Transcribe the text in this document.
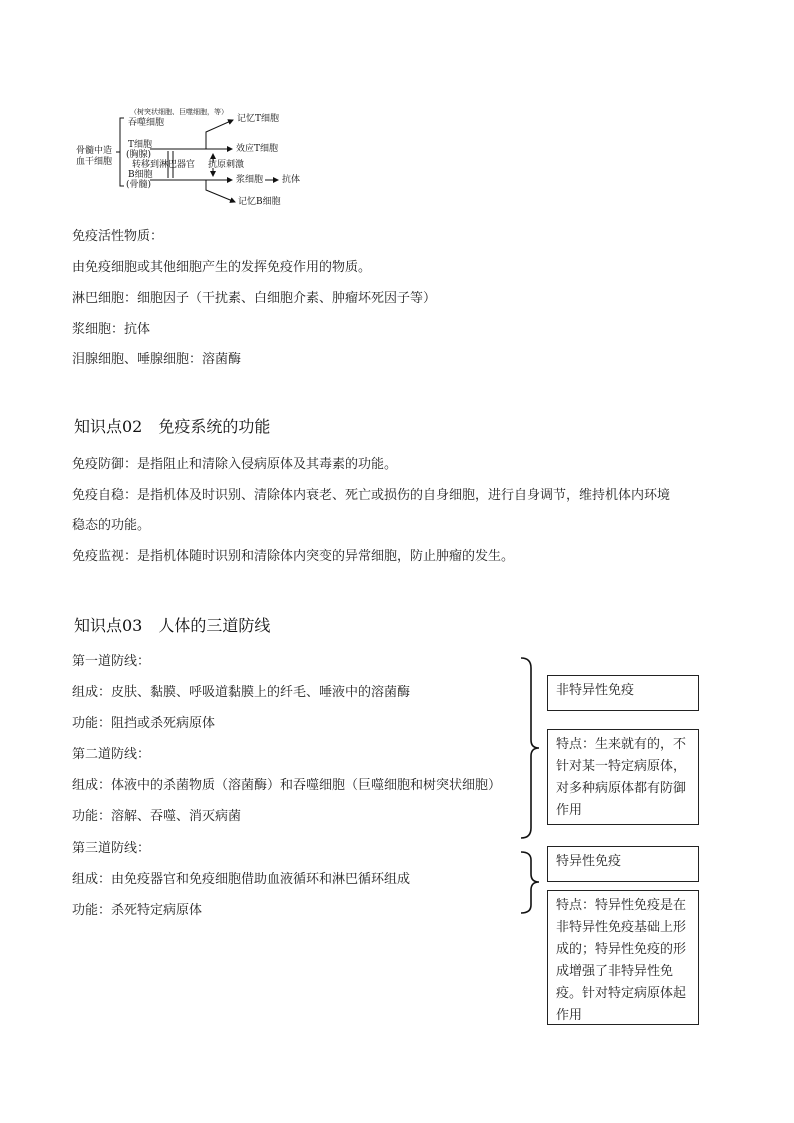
骨髓中造血干细胞
（树突状细胞、巨噬细胞，等）
吞噬细胞
T细胞
(胸腺)
转移到淋巴器官
B细胞
(骨髓)
抗原刺激
记忆T细胞
效应T细胞
浆细胞 抗体
记忆B细胞
免疫活性物质：
由免疫细胞或其他细胞产生的发挥免疫作用的物质。
淋巴细胞：细胞因子（干扰素、白细胞介素、肿瘤坏死因子等）
浆细胞：抗体
泪腺细胞、唾腺细胞：溶菌酶
知识点02　免疫系统的功能
免疫防御：是指阻止和清除入侵病原体及其毒素的功能。
免疫自稳：是指机体及时识别、清除体内衰老、死亡或损伤的自身细胞，进行自身调节，维持机体内环境
稳态的功能。
免疫监视：是指机体随时识别和清除体内突变的异常细胞，防止肿瘤的发生。
知识点03　人体的三道防线
第一道防线：
组成：皮肤、黏膜、呼吸道黏膜上的纤毛、唾液中的溶菌酶
功能：阻挡或杀死病原体
第二道防线：
组成：体液中的杀菌物质（溶菌酶）和吞噬细胞（巨噬细胞和树突状细胞）
功能：溶解、吞噬、消灭病菌
第三道防线：
组成：由免疫器官和免疫细胞借助血液循环和淋巴循环组成
功能：杀死特定病原体
非特异性免疫
特点：生来就有的，不针对某一特定病原体，对多种病原体都有防御作用
特异性免疫
特点：特异性免疫是在非特异性免疫基础上形成的；特异性免疫的形成增强了非特异性免疫。针对特定病原体起作用
